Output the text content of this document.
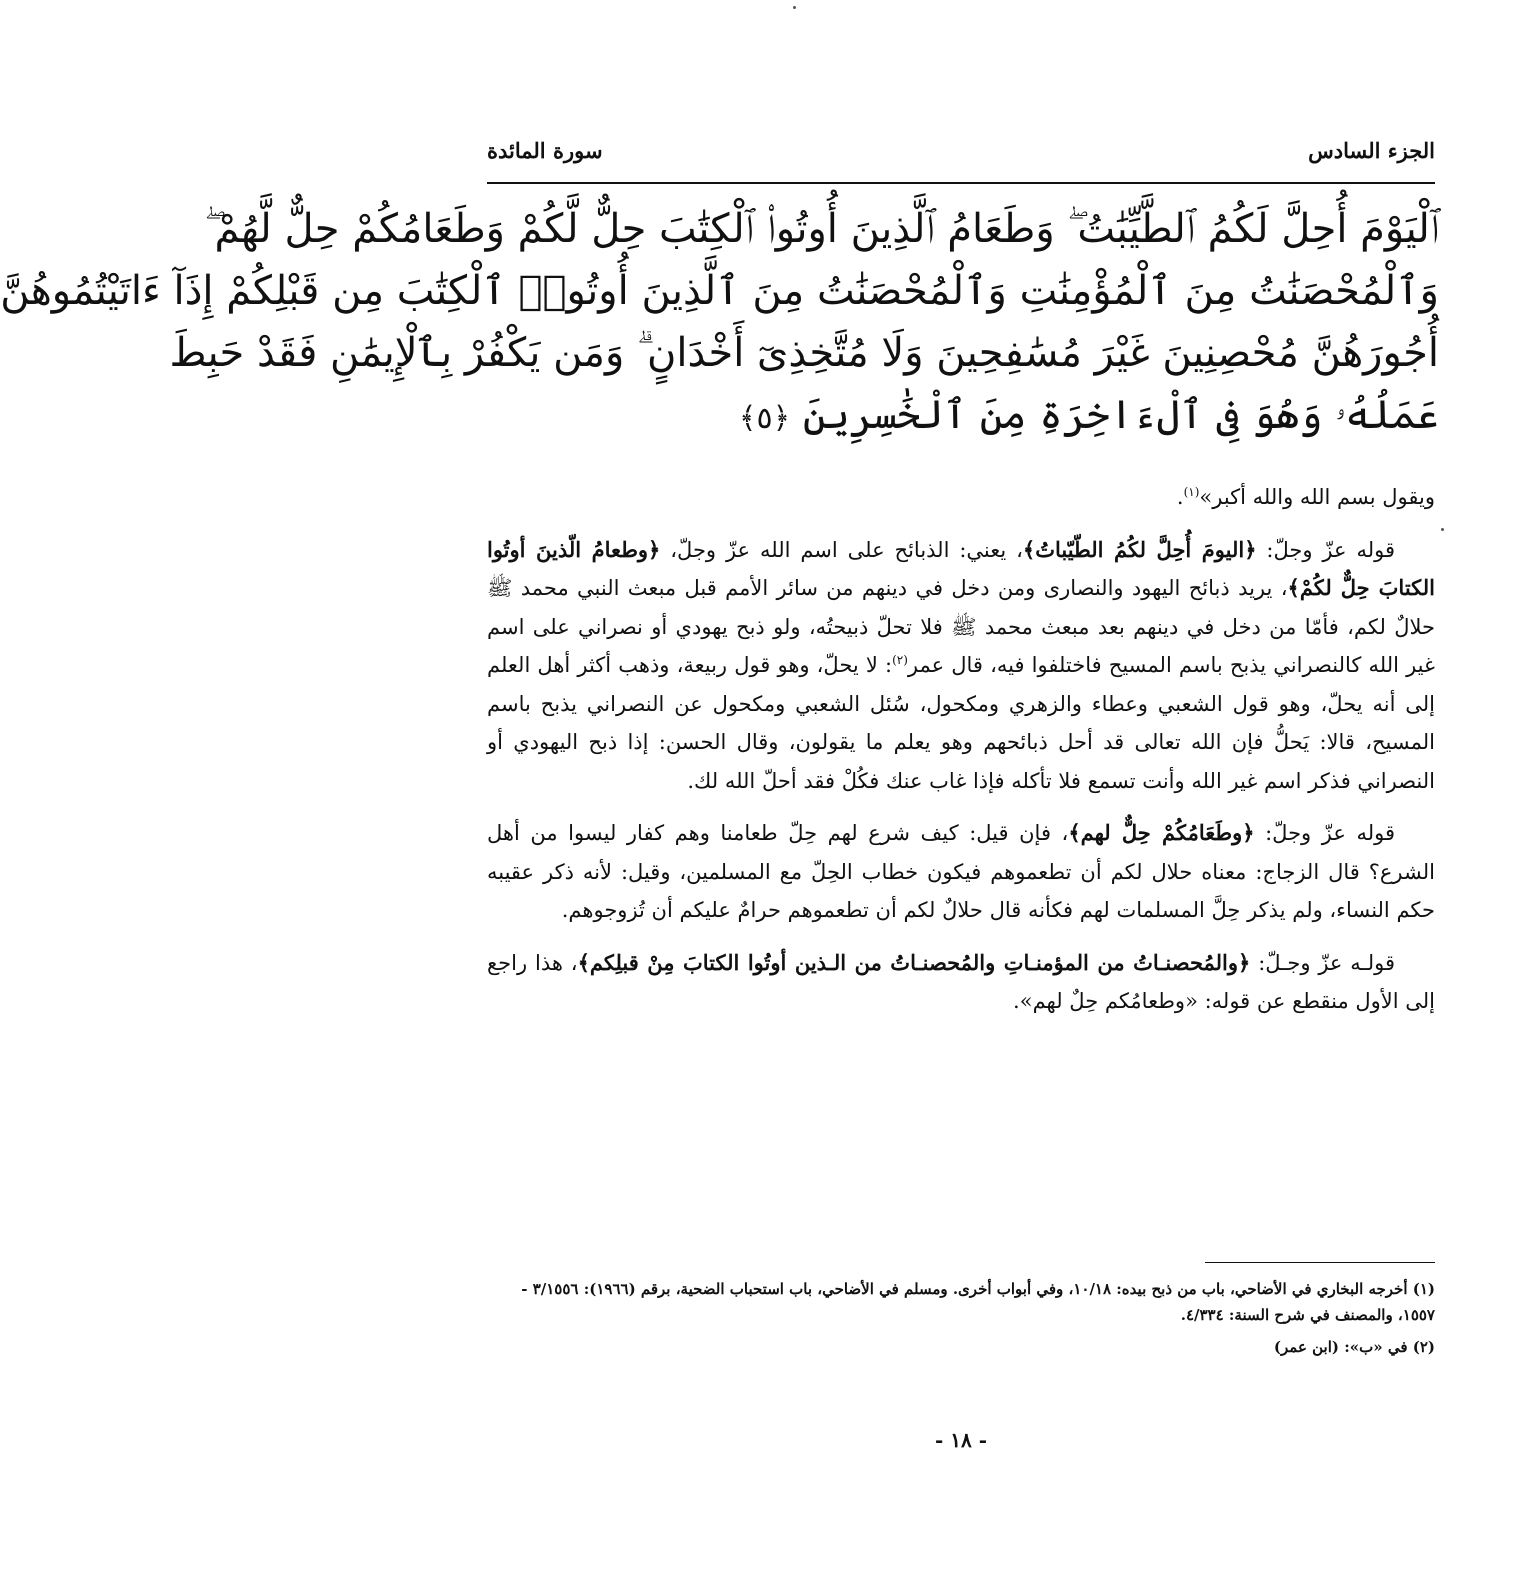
الجزء السادس
سورة المائدة
ٱلْيَوْمَ أُحِلَّ لَكُمُ ٱلطَّيِّبَٰتُ ۖ وَطَعَامُ ٱلَّذِينَ أُوتُوا۟ ٱلْكِتَٰبَ حِلٌّ لَّكُمْ وَطَعَامُكُمْ حِلٌّ لَّهُمْ ۖ
وَٱلْمُحْصَنَٰتُ مِنَ ٱلْمُؤْمِنَٰتِ وَٱلْمُحْصَنَٰتُ مِنَ ٱلَّذِينَ أُوتُوا۟ ٱلْكِتَٰبَ مِن قَبْلِكُمْ إِذَآ ءَاتَيْتُمُوهُنَّ
أُجُورَهُنَّ مُحْصِنِينَ غَيْرَ مُسَٰفِحِينَ وَلَا مُتَّخِذِىٓ أَخْدَانٍ ۗ وَمَن يَكْفُرْ بِٱلْإِيمَٰنِ فَقَدْ حَبِطَ
عَمَلُهُۥ وَهُوَ فِى ٱلْءَاخِرَةِ مِنَ ٱلْخَٰسِرِينَ ﴿٥﴾

ويقول بسم الله والله أكبر»$^{(١)}$.

قوله عزّ وجلّ: ﴿اليومَ أُحِلَّ لكُمُ الطّيّباتُ﴾، يعني: الذبائح على اسم الله عزّ وجلّ، ﴿وطعامُ الّذينَ أوتُوا الكتابَ حِلٌّ لكُمْ﴾، يريد ذبائح اليهود والنصارى ومن دخل في دينهم من سائر الأمم قبل مبعث النبي محمد ﷺ حلالٌ لكم، فأمّا من دخل في دينهم بعد مبعث محمد ﷺ فلا تحلّ ذبيحتُه، ولو ذبح يهودي أو نصراني على اسم غير الله كالنصراني يذبح باسم المسيح فاختلفوا فيه، قال عمر$^{(٢)}$: لا يحلّ، وهو قول ربيعة، وذهب أكثر أهل العلم إلى أنه يحلّ، وهو قول الشعبي وعطاء والزهري ومكحول، سُئل الشعبي ومكحول عن النصراني يذبح باسم المسيح، قالا: يَحلُّ فإن الله تعالى قد أحل ذبائحهم وهو يعلم ما يقولون، وقال الحسن: إذا ذبح اليهودي أو النصراني فذكر اسم غير الله وأنت تسمع فلا تأكله فإذا غاب عنك فكُلْ فقد أحلّ الله لك.

قوله عزّ وجلّ: ﴿وطَعَامُكُمْ حِلٌّ لهم﴾، فإن قيل: كيف شرع لهم حِلّ طعامنا وهم كفار ليسوا من أهل الشرع؟ قال الزجاج: معناه حلال لكم أن تطعموهم فيكون خطاب الحِلّ مع المسلمين، وقيل: لأنه ذكر عقيبه حكم النساء، ولم يذكر حِلَّ المسلمات لهم فكأنه قال حلالٌ لكم أن تطعموهم حرامٌ عليكم أن تُزوجوهم.

قولـه عزّ وجـلّ: ﴿والمُحصنـاتُ من المؤمنـاتِ والمُحصنـاتُ من الـذين أوتُوا الكتابَ مِنْ قبلِكم﴾، هذا راجع إلى الأول منقطع عن قوله: «وطعامُكم حِلٌ لهم».

(١) أخرجه البخاري في الأضاحي، باب من ذبح بيده: ١٠/١٨، وفي أبواب أخرى. ومسلم في الأضاحي، باب استحباب الضحية، برقم (١٩٦٦): ٣/١٥٥٦ - ١٥٥٧، والمصنف في شرح السنة: ٤/٣٣٤.

(٢) في «ب»: (ابن عمر)

- ١٨ -
